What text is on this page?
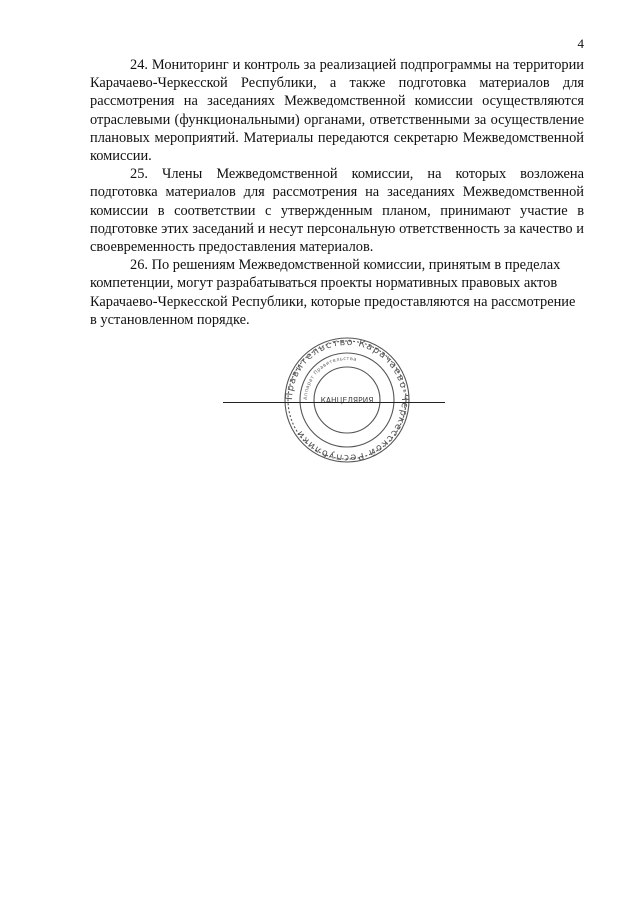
4

24. Мониторинг и контроль за реализацией подпрограммы на территории Карачаево-Черкесской Республики, а также подготовка материалов для рассмотрения на заседаниях Межведомственной комиссии осуществляются отраслевыми (функциональными) органами, ответственными за осуществление плановых мероприятий. Материалы передаются секретарю Межведомственной комиссии.

25. Члены Межведомственной комиссии, на которых возложена подготовка материалов для рассмотрения на заседаниях Межведомственной комиссии в соответствии с утвержденным планом, принимают участие в подготовке этих заседаний и несут персональную ответственность за качество и своевременность предоставления материалов.

26. По решениям Межведомственной комиссии, принятым в пределах компетенции, могут разрабатываться проекты нормативных правовых актов Карачаево-Черкесской Республики, которые предоставляются на рассмотрение в установленном порядке.

Правительство Карачаево-Черкесской Республики
Аппарат Правительства
КАНЦЕЛЯРИЯ
